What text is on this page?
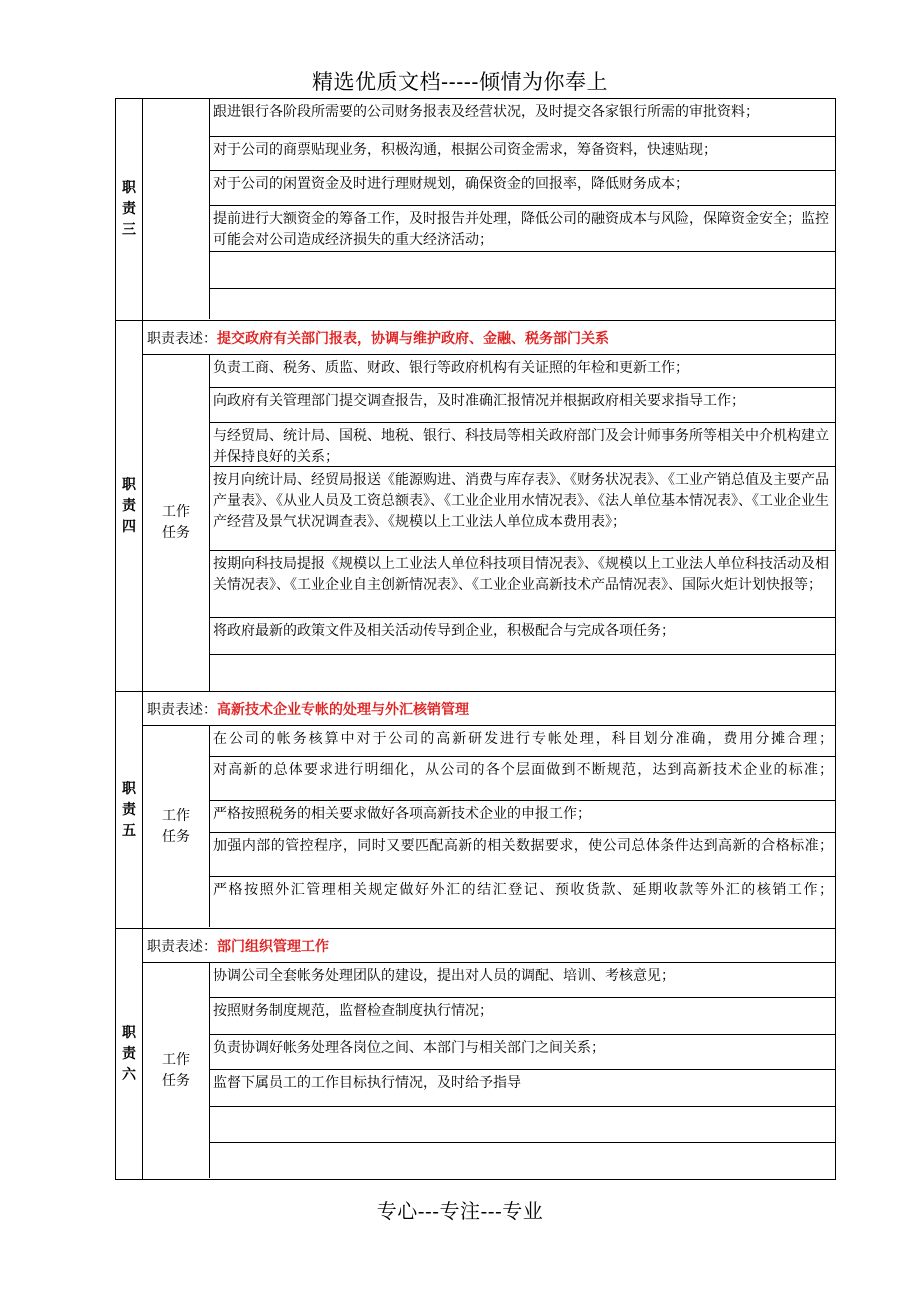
精选优质文档-----倾情为你奉上
职责三
跟进银行各阶段所需要的公司财务报表及经营状况，及时提交各家银行所需的审批资料；
对于公司的商票贴现业务，积极沟通，根据公司资金需求，筹备资料，快速贴现；
对于公司的闲置资金及时进行理财规划，确保资金的回报率，降低财务成本；
提前进行大额资金的筹备工作，及时报告并处理，降低公司的融资成本与风险，保障资金安全；监控可能会对公司造成经济损失的重大经济活动；
职责四
职责表述： 提交政府有关部门报表，协调与维护政府、金融、税务部门关系
工作任务
负责工商、税务、质监、财政、银行等政府机构有关证照的年检和更新工作；
向政府有关管理部门提交调查报告，及时准确汇报情况并根据政府相关要求指导工作；
与经贸局、统计局、国税、地税、银行、科技局等相关政府部门及会计师事务所等相关中介机构建立并保持良好的关系；
按月向统计局、经贸局报送《能源购进、消费与库存表》、《财务状况表》、《工业产销总值及主要产品产量表》、《从业人员及工资总额表》、《工业企业用水情况表》、《法人单位基本情况表》、《工业企业生产经营及景气状况调查表》、《规模以上工业法人单位成本费用表》；
按期向科技局提报《规模以上工业法人单位科技项目情况表》、《规模以上工业法人单位科技活动及相关情况表》、《工业企业自主创新情况表》、《工业企业高新技术产品情况表》、国际火炬计划快报等；
将政府最新的政策文件及相关活动传导到企业，积极配合与完成各项任务；
职责五
职责表述： 高新技术企业专帐的处理与外汇核销管理
工作任务
在公司的帐务核算中对于公司的高新研发进行专帐处理，科目划分准确，费用分摊合理；
对高新的总体要求进行明细化，从公司的各个层面做到不断规范，达到高新技术企业的标准；
严格按照税务的相关要求做好各项高新技术企业的申报工作；
加强内部的管控程序，同时又要匹配高新的相关数据要求，使公司总体条件达到高新的合格标准；
严格按照外汇管理相关规定做好外汇的结汇登记、预收货款、延期收款等外汇的核销工作；
职责六
职责表述： 部门组织管理工作
工作任务
协调公司全套帐务处理团队的建设，提出对人员的调配、培训、考核意见；
按照财务制度规范，监督检查制度执行情况；
负责协调好帐务处理各岗位之间、本部门与相关部门之间关系；
监督下属员工的工作目标执行情况，及时给予指导
专心---专注---专业
